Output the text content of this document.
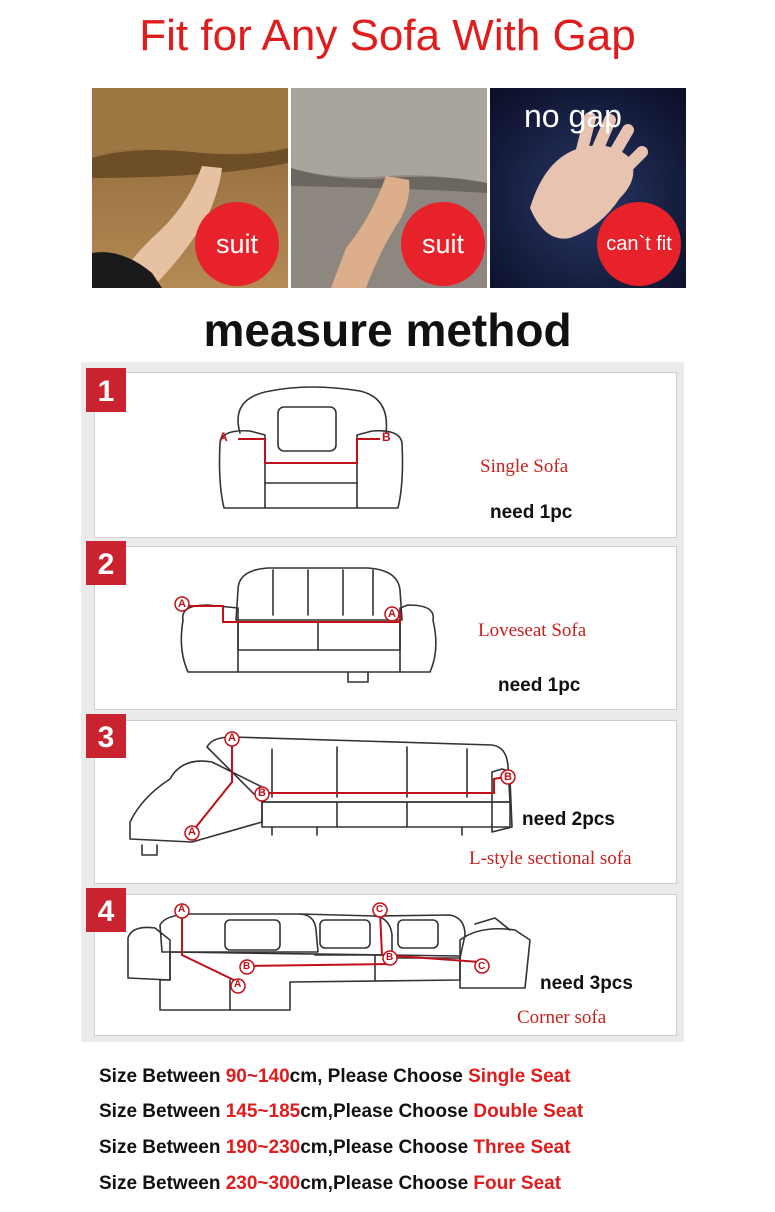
Fit for Any Sofa With Gap
suit	suit
no gap
can`t fit
measure method
1
A	B
Single Sofa
need 1pc
2
A
A
Loveseat Sofa
need 1pc
3	A
A
B
B
need 2pcs
L-style sectional sofa
4	A
A
B
B
C
C
need 3pcs
Corner sofa
Size Between 90~140cm, Please Choose Single Seat
Size Between 145~185cm,Please Choose Double Seat
Size Between 190~230cm,Please Choose Three Seat
Size Between 230~300cm,Please Choose Four Seat
